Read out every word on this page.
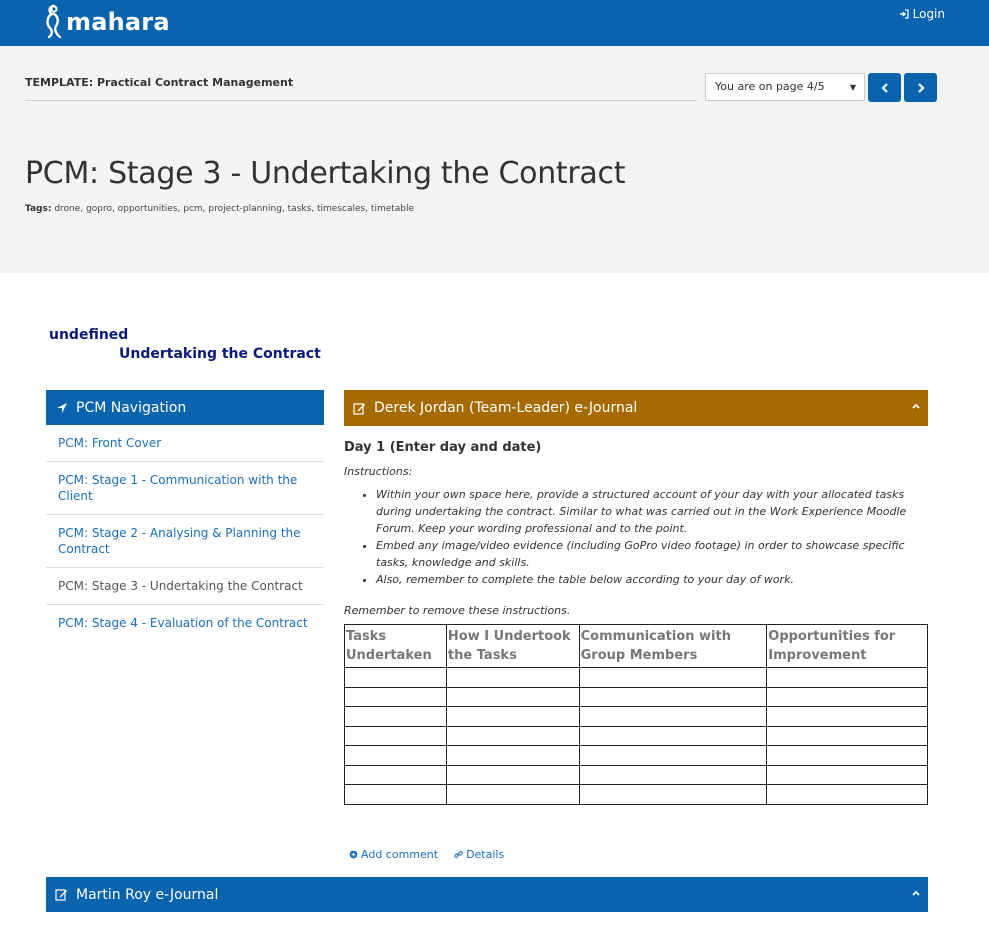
mahara	Login
TEMPLATE: Practical Contract Management	You are on page 4/5	▼
PCM: Stage 3 - Undertaking the Contract
Tags: drone, gopro, opportunities, pcm, project-planning, tasks, timescales, timetable
undefined
Undertaking the Contract
PCM Navigation
PCM: Front Cover
PCM: Stage 1 - Communication with the Client
PCM: Stage 2 - Analysing & Planning the Contract
PCM: Stage 3 - Undertaking the Contract
PCM: Stage 4 - Evaluation of the Contract
Derek Jordan (Team-Leader) e-Journal
Day 1 (Enter day and date)
Instructions:
• Within your own space here, provide a structured account of your day with your allocated tasks during undertaking the contract. Similar to what was carried out in the Work Experience Moodle Forum. Keep your wording professional and to the point.
• Embed any image/video evidence (including GoPro video footage) in order to showcase specific tasks, knowledge and skills.
• Also, remember to complete the table below according to your day of work.
Remember to remove these instructions.
Tasks Undertaken	How I Undertook the Tasks	Communication with Group Members	Opportunities for Improvement

Add comment	Details
Martin Roy e-Journal
